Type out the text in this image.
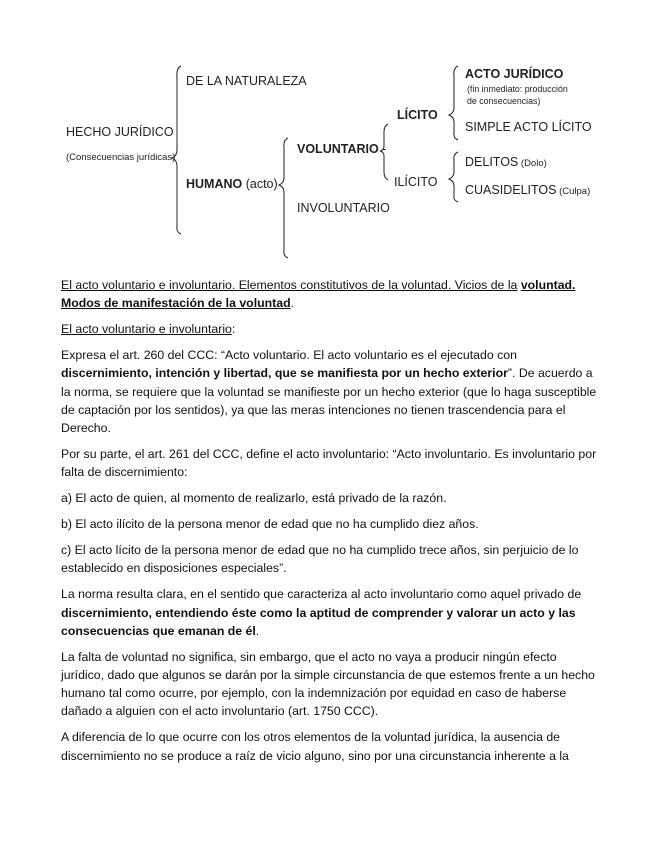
HECHO JURÍDICO
(Consecuencias jurídicas)
DE LA NATURALEZA
HUMANO (acto)
VOLUNTARIO -
INVOLUNTARIO
LÍCITO
ILÍCITO
ACTO JURÍDICO
(fin inmediato: producción
de consecuencias)
SIMPLE ACTO LÍCITO
DELITOS (Dolo)
CUASIDELITOS (Culpa)

El acto voluntario e involuntario. Elementos constitutivos de la voluntad. Vicios de la voluntad. Modos de manifestación de la voluntad.

El acto voluntario e involuntario:

Expresa el art. 260 del CCC: “Acto voluntario. El acto voluntario es el ejecutado con discernimiento, intención y libertad, que se manifiesta por un hecho exterior”. De acuerdo a la norma, se requiere que la voluntad se manifieste por un hecho exterior (que lo haga susceptible de captación por los sentidos), ya que las meras intenciones no tienen trascendencia para el Derecho.

Por su parte, el art. 261 del CCC, define el acto involuntario: “Acto involuntario. Es involuntario por falta de discernimiento:

a) El acto de quien, al momento de realizarlo, está privado de la razón.

b) El acto ilícito de la persona menor de edad que no ha cumplido diez años.

c) El acto lícito de la persona menor de edad que no ha cumplido trece años, sin perjuicio de lo establecido en disposiciones especiales”.

La norma resulta clara, en el sentido que caracteriza al acto involuntario como aquel privado de discernimiento, entendiendo éste como la aptitud de comprender y valorar un acto y las consecuencias que emanan de él.

La falta de voluntad no significa, sin embargo, que el acto no vaya a producir ningún efecto jurídico, dado que algunos se darán por la simple circunstancia de que estemos frente a un hecho humano tal como ocurre, por ejemplo, con la indemnización por equidad en caso de haberse dañado a alguien con el acto involuntario (art. 1750 CCC).

A diferencia de lo que ocurre con los otros elementos de la voluntad jurídica, la ausencia de discernimiento no se produce a raíz de vicio alguno, sino por una circunstancia inherente a la
